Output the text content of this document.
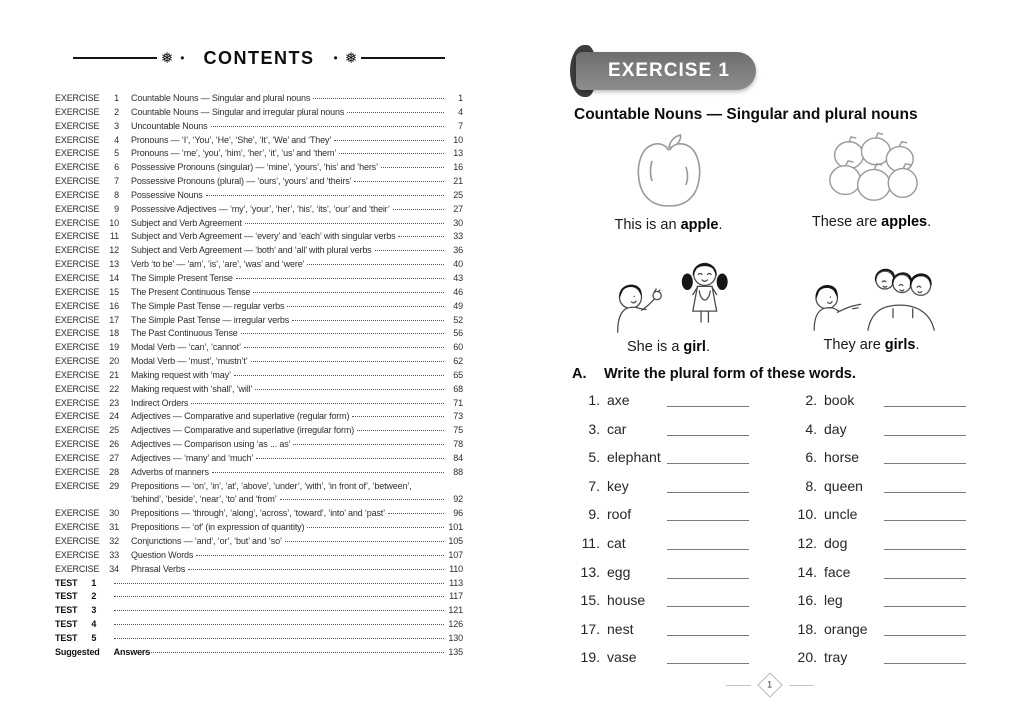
❅ • CONTENTS • ❅
EXERCISE	1 Countable Nouns — Singular and plural nouns	1
EXERCISE	2 Countable Nouns — Singular and irregular plural nouns	4
EXERCISE	3 Uncountable Nouns	7
EXERCISE	4 Pronouns — ‘I’, ‘You’, ‘He’, ‘She’, ‘It’, ‘We’ and ‘They’	10
EXERCISE	5 Pronouns — ‘me’, ‘you’, ‘him’, ‘her’, ‘it’, ‘us’ and ‘them’	13
EXERCISE	6 Possessive Pronouns (singular) — ‘mine’, ‘yours’, ‘his’ and ‘hers’	16
EXERCISE	7 Possessive Pronouns (plural) — ‘ours’, ‘yours’ and ‘theirs’	21
EXERCISE	8 Possessive Nouns	25
EXERCISE	9 Possessive Adjectives — ‘my’, ‘your’, ‘her’, ‘his’, ‘its’, ‘our’ and ‘their’	27
EXERCISE	10 Subject and Verb Agreement	30
EXERCISE	11 Subject and Verb Agreement — ‘every’ and ‘each’ with singular verbs	33
EXERCISE	12 Subject and Verb Agreement — ‘both’ and ‘all’ with plural verbs	36
EXERCISE	13 Verb ‘to be’ — ‘am’, ‘is’, ‘are’, ‘was’ and ‘were’	40
EXERCISE	14 The Simple Present Tense	43
EXERCISE	15 The Present Continuous Tense	46
EXERCISE	16 The Simple Past Tense — regular verbs	49
EXERCISE	17 The Simple Past Tense — irregular verbs	52
EXERCISE	18 The Past Continuous Tense	56
EXERCISE	19 Modal Verb — ‘can’, ‘cannot’	60
EXERCISE	20 Modal Verb — ‘must’, ‘mustn’t’	62
EXERCISE	21 Making request with ‘may’	65
EXERCISE	22 Making request with ‘shall’, ‘will’	68
EXERCISE	23 Indirect Orders	71
EXERCISE	24 Adjectives — Comparative and superlative (regular form)	73
EXERCISE	25 Adjectives — Comparative and superlative (irregular form)	75
EXERCISE	26 Adjectives — Comparison using ‘as ... as’	78
EXERCISE	27 Adjectives — ‘many’ and ‘much’	84
EXERCISE	28 Adverbs of manners	88
EXERCISE	29 Prepositions — ‘on’, ‘in’, ‘at’, ‘above’, ‘under’, ‘with’, ‘in front of’, ‘between’,
‘behind’, ‘beside’, ‘near’, ‘to’ and ‘from’	92
EXERCISE	30 Prepositions — ‘through’, ‘along’, ‘across’, ‘toward’, ‘into’ and ‘past’	96
EXERCISE	31 Prepositions — ‘of’ (in expression of quantity)	101
EXERCISE	32 Conjunctions — ‘and’, ‘or’, ‘but’ and ‘so’	105
EXERCISE	33 Question Words	107
EXERCISE	34 Phrasal Verbs	110
TEST 1	113
TEST 2	117
TEST 3	121
TEST 4	126
TEST 5	130
Suggested Answers	135
EXERCISE 1
Countable Nouns — Singular and plural nouns
This is an apple.	These are apples.
She is a girl.	They are girls.
A.	Write the plural form of these words.
1. axe	2. book
3. car	4. day
5. elephant	6. horse
7. key	8. queen
9. roof	10. uncle
11. cat	12. dog
13. egg	14. face
15. house	16. leg
17. nest	18. orange
19. vase	20. tray
1
